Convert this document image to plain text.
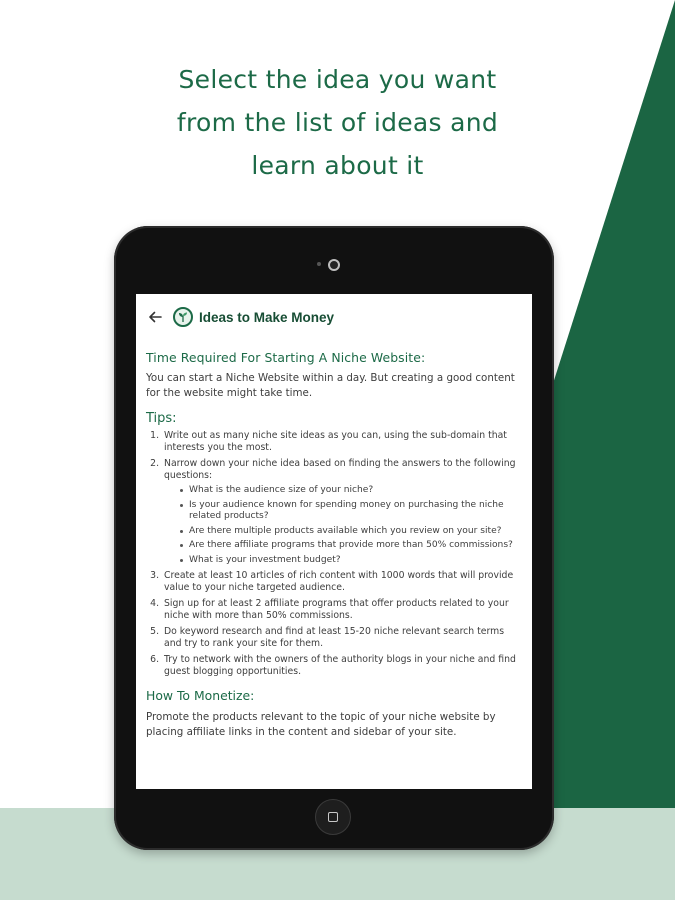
Select the idea you want
from the list of ideas and
learn about it
Ideas to Make Money
Time Required For Starting A Niche Website:

You can start a Niche Website within a day. But creating a good content for the website might take time.

Tips:
1. Write out as many niche site ideas as you can, using the sub-domain that interests you the most.
2. Narrow down your niche idea based on finding the answers to the following questions:
What is the audience size of your niche?
Is your audience known for spending money on purchasing the niche related products?
Are there multiple products available which you review on your site?
Are there affiliate programs that provide more than 50% commissions?
What is your investment budget?
3. Create at least 10 articles of rich content with 1000 words that will provide value to your niche targeted audience.
4. Sign up for at least 2 affiliate programs that offer products related to your niche with more than 50% commissions.
5. Do keyword research and find at least 15-20 niche relevant search terms and try to rank your site for them.
6. Try to network with the owners of the authority blogs in your niche and find guest blogging opportunities.
How To Monetize:

Promote the products relevant to the topic of your niche website by placing affiliate links in the content and sidebar of your site.
